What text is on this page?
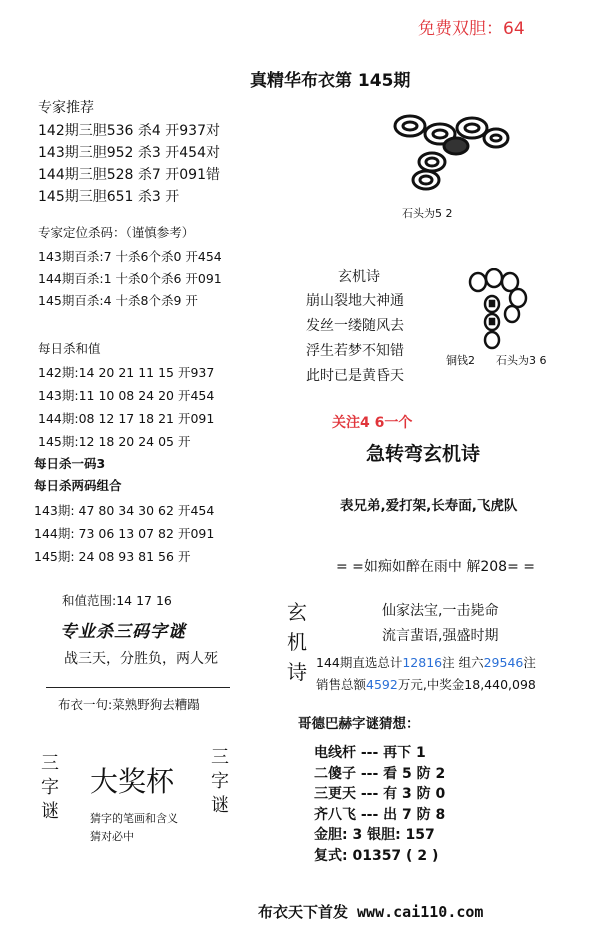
免费双胆：64
真精华布衣第 145期
专家推荐
142期三胆536 杀4 开937对
143期三胆952 杀3 开454对
144期三胆528 杀7 开091错
145期三胆651 杀3 开
专家定位杀码：（谨慎参考）
143期百杀:7 十杀6个杀0 开454
144期百杀:1 十杀0个杀6 开091
145期百杀:4 十杀8个杀9 开
每日杀和值
142期:14 20 21 11 15 开937
143期:11 10 08 24 20 开454
144期:08 12 17 18 21 开091
145期:12 18 20 24 05 开
每日杀一码3
每日杀两码组合
143期: 47 80 34 30 62 开454
144期: 73 06 13 07 82 开091
145期: 24 08 93 81 56 开
和值范围:14 17 16
专业杀三码字谜
战三天，分胜负，两人死
布衣一句:菜熟野狗去糟蹋
三字谜
三字谜
大奖杯
猜字的笔画和含义
猜对必中
石头为5 2
玄机诗
崩山裂地大神通
发丝一缕随风去
浮生若梦不知错
此时已是黄昏天
铜钱2 石头为3 6
关注4 6一个
急转弯玄机诗
表兄弟,爱打架,长寿面,飞虎队
= =如痴如醉在雨中 解208= =
玄机诗
仙家法宝,一击毙命
流言蜚语,强盛时期
144期直选总计12816注 组六29546注
销售总额4592万元,中奖金18,440,098
哥德巴赫字谜猜想：
电线杆 --- 再下 1
二傻子 --- 看 5 防 2
三更天 --- 有 3 防 0
齐八飞 --- 出 7 防 8
金胆: 3 银胆: 157
复式: 01357 ( 2 )
布衣天下首发 www.cai110.com
